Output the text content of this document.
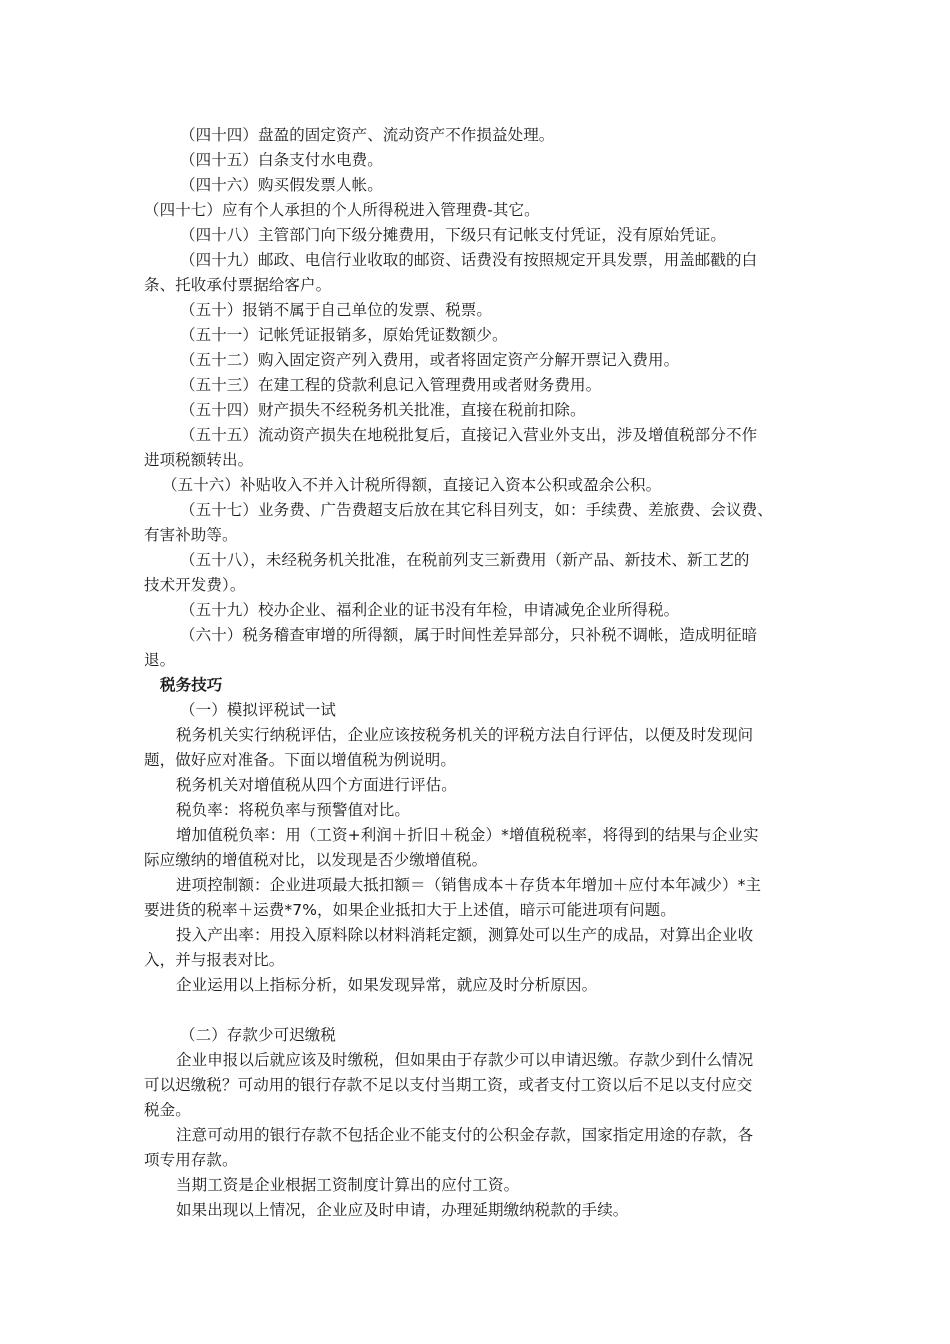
（四十四）盘盈的固定资产、流动资产不作损益处理。
（四十五）白条支付水电费。
（四十六）购买假发票人帐。
（四十七）应有个人承担的个人所得税进入管理费-其它。
（四十八）主管部门向下级分摊费用，下级只有记帐支付凭证，没有原始凭证。
（四十九）邮政、电信行业收取的邮资、话费没有按照规定开具发票，用盖邮戳的白
条、托收承付票据给客户。
（五十）报销不属于自己单位的发票、税票。
（五十一）记帐凭证报销多，原始凭证数额少。
（五十二）购入固定资产列入费用，或者将固定资产分解开票记入费用。
（五十三）在建工程的贷款利息记入管理费用或者财务费用。
（五十四）财产损失不经税务机关批准，直接在税前扣除。
（五十五）流动资产损失在地税批复后，直接记入营业外支出，涉及增值税部分不作
进项税额转出。
（五十六）补贴收入不并入计税所得额，直接记入资本公积或盈余公积。
（五十七）业务费、广告费超支后放在其它科目列支，如：手续费、差旅费、会议费、
有害补助等。
（五十八），未经税务机关批准，在税前列支三新费用（新产品、新技术、新工艺的
技术开发费）。
（五十九）校办企业、福利企业的证书没有年检，申请减免企业所得税。
（六十）税务稽查审增的所得额，属于时间性差异部分，只补税不调帐，造成明征暗
退。
税务技巧
（一）模拟评税试一试
税务机关实行纳税评估，企业应该按税务机关的评税方法自行评估，以便及时发现问
题，做好应对准备。下面以增值税为例说明。
税务机关对增值税从四个方面进行评估。
税负率：将税负率与预警值对比。
增加值税负率：用（工资+利润＋折旧＋税金）*增值税税率，将得到的结果与企业实
际应缴纳的增值税对比，以发现是否少缴增值税。
进项控制额：企业进项最大抵扣额＝（销售成本＋存货本年增加＋应付本年减少）*主
要进货的税率＋运费*7%，如果企业抵扣大于上述值，暗示可能进项有问题。
投入产出率：用投入原料除以材料消耗定额，测算处可以生产的成品，对算出企业收
入，并与报表对比。
企业运用以上指标分析，如果发现异常，就应及时分析原因。
（二）存款少可迟缴税
企业申报以后就应该及时缴税，但如果由于存款少可以申请迟缴。存款少到什么情况
可以迟缴税？可动用的银行存款不足以支付当期工资，或者支付工资以后不足以支付应交
税金。
注意可动用的银行存款不包括企业不能支付的公积金存款，国家指定用途的存款，各
项专用存款。
当期工资是企业根据工资制度计算出的应付工资。
如果出现以上情况，企业应及时申请，办理延期缴纳税款的手续。
